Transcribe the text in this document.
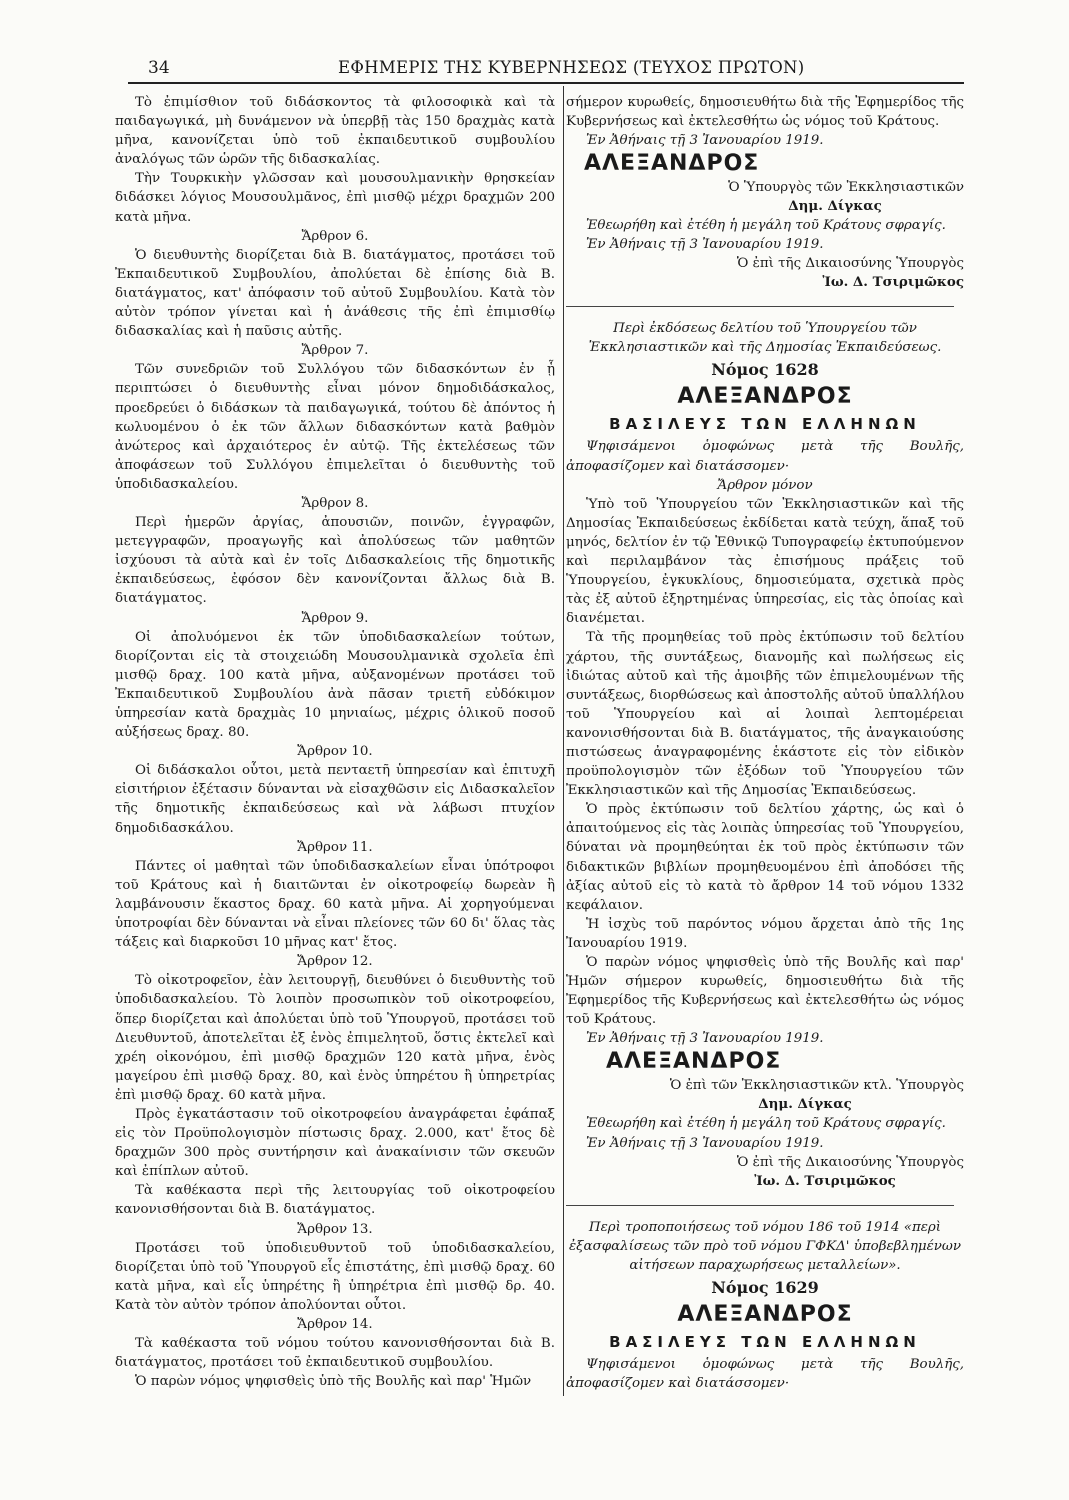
34	ΕΦΗΜΕΡΙΣ ΤΗΣ ΚΥΒΕΡΝΗΣΕΩΣ (ΤΕΥΧΟΣ ΠΡΩΤΟΝ)

Τὸ ἐπιμίσθιον τοῦ διδάσκοντος τὰ φιλοσοφικὰ καὶ τὰ παιδαγωγικά, μὴ δυνάμενον νὰ ὑπερβῇ τὰς 150 δραχμὰς κατὰ μῆνα, κανονίζεται ὑπὸ τοῦ ἐκπαιδευτικοῦ συμβουλίου ἀναλόγως τῶν ὡρῶν τῆς διδασκαλίας.

Τὴν Τουρκικὴν γλῶσσαν καὶ μουσουλμανικὴν θρησκείαν διδάσκει λόγιος Μουσουλμᾶνος, ἐπὶ μισθῷ μέχρι δραχμῶν 200 κατὰ μῆνα.

Ἄρθρον 6.

Ὁ διευθυντὴς διορίζεται διὰ Β. διατάγματος, προτάσει τοῦ Ἐκπαιδευτικοῦ Συμβουλίου, ἀπολύεται δὲ ἐπίσης διὰ Β. διατάγματος, κατ' ἀπόφασιν τοῦ αὐτοῦ Συμβουλίου. Κατὰ τὸν αὐτὸν τρόπον γίνεται καὶ ἡ ἀνάθεσις τῆς ἐπὶ ἐπιμισθίῳ διδασκαλίας καὶ ἡ παῦσις αὐτῆς.

Ἄρθρον 7.

Τῶν συνεδριῶν τοῦ Συλλόγου τῶν διδασκόντων ἐν ᾗ περιπτώσει ὁ διευθυντὴς εἶναι μόνον δημοδιδάσκαλος, προεδρεύει ὁ διδάσκων τὰ παιδαγωγικά, τούτου δὲ ἀπόντος ἡ κωλυομένου ὁ ἐκ τῶν ἄλλων διδασκόντων κατὰ βαθμὸν ἀνώτερος καὶ ἀρχαιότερος ἐν αὐτῷ. Τῆς ἐκτελέσεως τῶν ἀποφάσεων τοῦ Συλλόγου ἐπιμελεῖται ὁ διευθυντὴς τοῦ ὑποδιδασκαλείου.

Ἄρθρον 8.

Περὶ ἡμερῶν ἀργίας, ἀπουσιῶν, ποινῶν, ἐγγραφῶν, μετεγγραφῶν, προαγωγῆς καὶ ἀπολύσεως τῶν μαθητῶν ἰσχύουσι τὰ αὐτὰ καὶ ἐν τοῖς Διδασκαλείοις τῆς δημοτικῆς ἐκπαιδεύσεως, ἐφόσον δὲν κανονίζονται ἄλλως διὰ Β. διατάγματος.

Ἄρθρον 9.

Οἱ ἀπολυόμενοι ἐκ τῶν ὑποδιδασκαλείων τούτων, διορίζονται εἰς τὰ στοιχειώδη Μουσουλμανικὰ σχολεῖα ἐπὶ μισθῷ δραχ. 100 κατὰ μῆνα, αὐξανομένων προτάσει τοῦ Ἐκπαιδευτικοῦ Συμβουλίου ἀνὰ πᾶσαν τριετῆ εὐδόκιμον ὑπηρεσίαν κατὰ δραχμὰς 10 μηνιαίως, μέχρις ὁλικοῦ ποσοῦ αὐξήσεως δραχ. 80.

Ἄρθρον 10.

Οἱ διδάσκαλοι οὗτοι, μετὰ πενταετῆ ὑπηρεσίαν καὶ ἐπιτυχῆ εἰσιτήριον ἐξέτασιν δύνανται νὰ εἰσαχθῶσιν εἰς Διδασκαλεῖον τῆς δημοτικῆς ἐκπαιδεύσεως καὶ νὰ λάβωσι πτυχίον δημοδιδασκάλου.

Ἄρθρον 11.

Πάντες οἱ μαθηταὶ τῶν ὑποδιδασκαλείων εἶναι ὑπότροφοι τοῦ Κράτους καὶ ἡ διαιτῶνται ἐν οἰκοτροφείῳ δωρεὰν ἢ λαμβάνουσιν ἕκαστος δραχ. 60 κατὰ μῆνα. Αἱ χορηγούμεναι ὑποτροφίαι δὲν δύνανται νὰ εἶναι πλείονες τῶν 60 δι' ὅλας τὰς τάξεις καὶ διαρκοῦσι 10 μῆνας κατ' ἔτος.

Ἄρθρον 12.

Τὸ οἰκοτροφεῖον, ἐὰν λειτουργῇ, διευθύνει ὁ διευθυντὴς τοῦ ὑποδιδασκαλείου. Τὸ λοιπὸν προσωπικὸν τοῦ οἰκοτροφείου, ὅπερ διορίζεται καὶ ἀπολύεται ὑπὸ τοῦ Ὑπουργοῦ, προτάσει τοῦ Διευθυντοῦ, ἀποτελεῖται ἐξ ἑνὸς ἐπιμελητοῦ, ὅστις ἐκτελεῖ καὶ χρέη οἰκονόμου, ἐπὶ μισθῷ δραχμῶν 120 κατὰ μῆνα, ἑνὸς μαγείρου ἐπὶ μισθῷ δραχ. 80, καὶ ἑνὸς ὑπηρέτου ἢ ὑπηρετρίας ἐπὶ μισθῷ δραχ. 60 κατὰ μῆνα.

Πρὸς ἐγκατάστασιν τοῦ οἰκοτροφείου ἀναγράφεται ἐφάπαξ εἰς τὸν Προϋπολογισμὸν πίστωσις δραχ. 2.000, κατ' ἔτος δὲ δραχμῶν 300 πρὸς συντήρησιν καὶ ἀνακαίνισιν τῶν σκευῶν καὶ ἐπίπλων αὐτοῦ.

Τὰ καθέκαστα περὶ τῆς λειτουργίας τοῦ οἰκοτροφείου κανονισθήσονται διὰ Β. διατάγματος.

Ἄρθρον 13.

Προτάσει τοῦ ὑποδιευθυντοῦ τοῦ ὑποδιδασκαλείου, διορίζεται ὑπὸ τοῦ Ὑπουργοῦ εἷς ἐπιστάτης, ἐπὶ μισθῷ δραχ. 60 κατὰ μῆνα, καὶ εἷς ὑπηρέτης ἢ ὑπηρέτρια ἐπὶ μισθῷ δρ. 40. Κατὰ τὸν αὐτὸν τρόπον ἀπολύονται οὗτοι.

Ἄρθρον 14.

Τὰ καθέκαστα τοῦ νόμου τούτου κανονισθήσονται διὰ Β. διατάγματος, προτάσει τοῦ ἐκπαιδευτικοῦ συμβουλίου.

Ὁ παρὼν νόμος ψηφισθεὶς ὑπὸ τῆς Βουλῆς καὶ παρ' Ἡμῶν

σήμερον κυρωθείς, δημοσιευθήτω διὰ τῆς Ἐφημερίδος τῆς Κυβερνήσεως καὶ ἐκτελεσθήτω ὡς νόμος τοῦ Κράτους.

Ἐν Ἀθήναις τῇ 3 Ἰανουαρίου 1919.

ΑΛΕΞΑΝΔΡΟΣ

Ὁ Ὑπουργὸς τῶν Ἐκκλησιαστικῶν

Δημ. Δίγκας

Ἐθεωρήθη καὶ ἐτέθη ἡ μεγάλη τοῦ Κράτους σφραγίς.

Ἐν Ἀθήναις τῇ 3 Ἰανουαρίου 1919.

Ὁ ἐπὶ τῆς Δικαιοσύνης Ὑπουργὸς

Ἰω. Δ. Τσιριμῶκος

Περὶ ἐκδόσεως δελτίου τοῦ Ὑπουργείου τῶν Ἐκκλησιαστικῶν καὶ τῆς Δημοσίας Ἐκπαιδεύσεως.

Νόμος 1628

ΑΛΕΞΑΝΔΡΟΣ

ΒΑΣΙΛΕΥΣ ΤΩΝ ΕΛΛΗΝΩΝ

Ψηφισάμενοι ὁμοφώνως μετὰ τῆς Βουλῆς, ἀποφασίζομεν καὶ διατάσσομεν·

Ἄρθρον μόνον

Ὑπὸ τοῦ Ὑπουργείου τῶν Ἐκκλησιαστικῶν καὶ τῆς Δημοσίας Ἐκπαιδεύσεως ἐκδίδεται κατὰ τεύχη, ἅπαξ τοῦ μηνός, δελτίον ἐν τῷ Ἐθνικῷ Τυπογραφείῳ ἐκτυπούμενον καὶ περιλαμβάνον τὰς ἐπισήμους πράξεις τοῦ Ὑπουργείου, ἐγκυκλίους, δημοσιεύματα, σχετικὰ πρὸς τὰς ἐξ αὐτοῦ ἐξηρτημένας ὑπηρεσίας, εἰς τὰς ὁποίας καὶ διανέμεται.

Τὰ τῆς προμηθείας τοῦ πρὸς ἐκτύπωσιν τοῦ δελτίου χάρτου, τῆς συντάξεως, διανομῆς καὶ πωλήσεως εἰς ἰδιώτας αὐτοῦ καὶ τῆς ἀμοιβῆς τῶν ἐπιμελουμένων τῆς συντάξεως, διορθώσεως καὶ ἀποστολῆς αὐτοῦ ὑπαλλήλου τοῦ Ὑπουργείου καὶ αἱ λοιπαὶ λεπτομέρειαι κανονισθήσονται διὰ Β. διατάγματος, τῆς ἀναγκαιούσης πιστώσεως ἀναγραφομένης ἑκάστοτε εἰς τὸν εἰδικὸν προϋπολογισμὸν τῶν ἐξόδων τοῦ Ὑπουργείου τῶν Ἐκκλησιαστικῶν καὶ τῆς Δημοσίας Ἐκπαιδεύσεως.

Ὁ πρὸς ἐκτύπωσιν τοῦ δελτίου χάρτης, ὡς καὶ ὁ ἀπαιτούμενος εἰς τὰς λοιπὰς ὑπηρεσίας τοῦ Ὑπουργείου, δύναται νὰ προμηθεύηται ἐκ τοῦ πρὸς ἐκτύπωσιν τῶν διδακτικῶν βιβλίων προμηθευομένου ἐπὶ ἀποδόσει τῆς ἀξίας αὐτοῦ εἰς τὸ κατὰ τὸ ἄρθρον 14 τοῦ νόμου 1332 κεφάλαιον.

Ἡ ἰσχὺς τοῦ παρόντος νόμου ἄρχεται ἀπὸ τῆς 1ης Ἰανουαρίου 1919.

Ὁ παρὼν νόμος ψηφισθεὶς ὑπὸ τῆς Βουλῆς καὶ παρ' Ἡμῶν σήμερον κυρωθείς, δημοσιευθήτω διὰ τῆς Ἐφημερίδος τῆς Κυβερνήσεως καὶ ἐκτελεσθήτω ὡς νόμος τοῦ Κράτους.

Ἐν Ἀθήναις τῇ 3 Ἰανουαρίου 1919.

ΑΛΕΞΑΝΔΡΟΣ

Ὁ ἐπὶ τῶν Ἐκκλησιαστικῶν κτλ. Ὑπουργὸς

Δημ. Δίγκας

Ἐθεωρήθη καὶ ἐτέθη ἡ μεγάλη τοῦ Κράτους σφραγίς.

Ἐν Ἀθήναις τῇ 3 Ἰανουαρίου 1919.

Ὁ ἐπὶ τῆς Δικαιοσύνης Ὑπουργὸς

Ἰω. Δ. Τσιριμῶκος

Περὶ τροποποιήσεως τοῦ νόμου 186 τοῦ 1914 «περὶ ἐξασφαλίσεως τῶν πρὸ τοῦ νόμου ΓΦΚΔ' ὑποβεβλημένων αἰτήσεων παραχωρήσεως μεταλλείων».

Νόμος 1629

ΑΛΕΞΑΝΔΡΟΣ

ΒΑΣΙΛΕΥΣ ΤΩΝ ΕΛΛΗΝΩΝ

Ψηφισάμενοι ὁμοφώνως μετὰ τῆς Βουλῆς, ἀποφασίζομεν καὶ διατάσσομεν·
